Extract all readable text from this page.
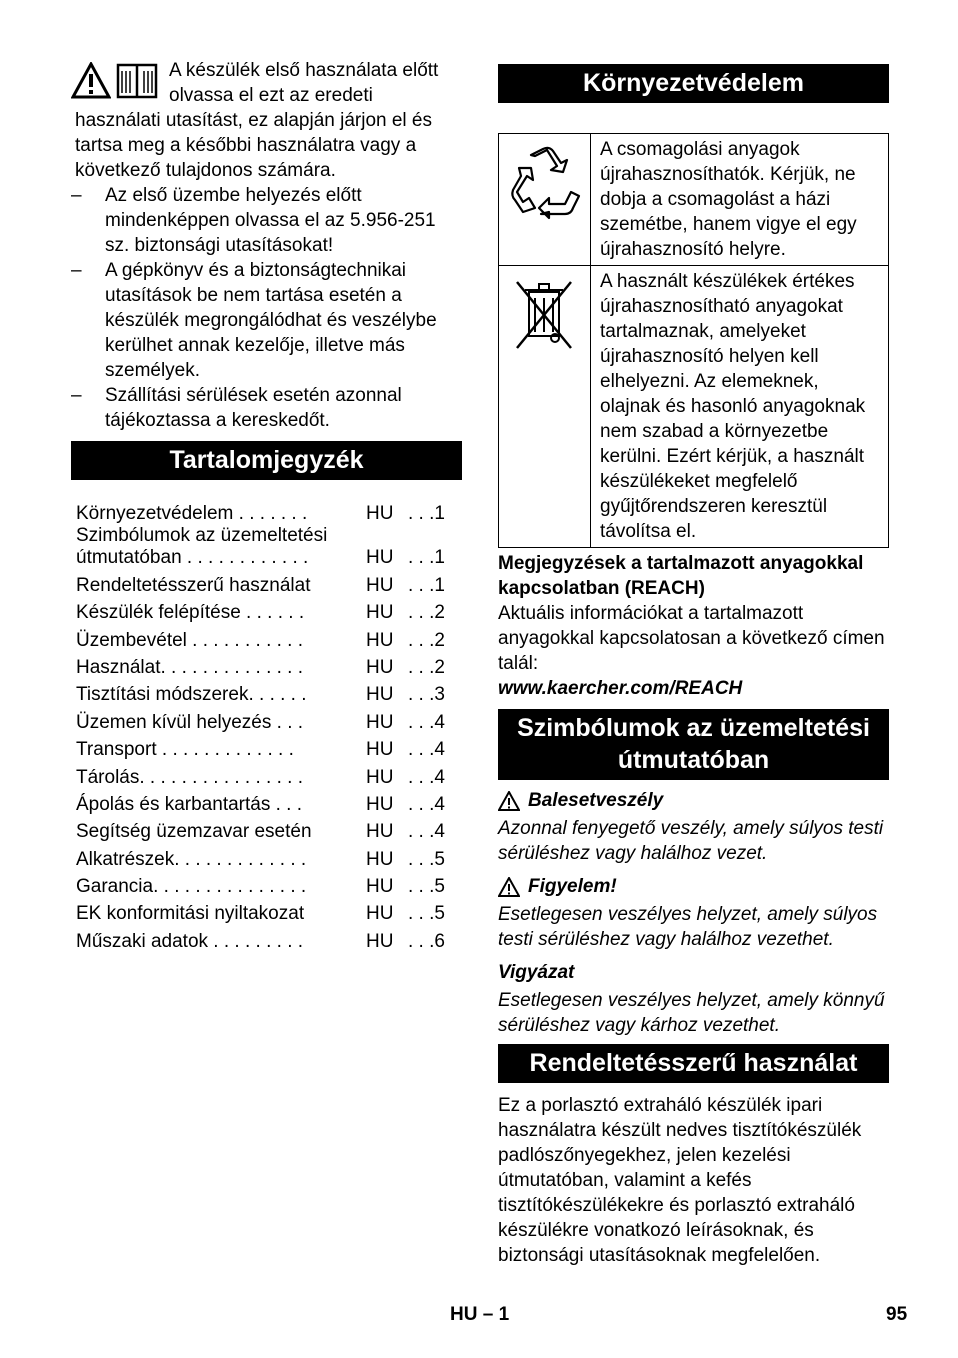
A készülék első használata előtt olvassa el ezt az eredeti használati utasítást, ez alapján járjon el és tartsa meg a későbbi használatra vagy a következő tulajdonos számára.

– Az első üzembe helyezés előtt mindenképpen olvassa el az 5.956-251 sz. biztonsági utasításokat!
– A gépkönyv és a biztonságtechnikai utasítások be nem tartása esetén a készülék megrongálódhat és veszélybe kerülhet annak kezelője, illetve más személyek.
– Szállítási sérülések esetén azonnal tájékoztassa a kereskedőt.
Tartalomjegyzék
Környezetvédelem . . . . . . .	HU	. . .1
Szimbólumok az üzemeltetési útmutatóban . . . . . . . . . . . .	HU	. . .1
Rendeltetésszerű használat	HU	. . .1
Készülék felépítése . . . . . .	HU	. . .2
Üzembevétel . . . . . . . . . . .	HU	. . .2
Használat. . . . . . . . . . . . . .	HU	. . .2
Tisztítási módszerek. . . . . .	HU	. . .3
Üzemen kívül helyezés . . .	HU	. . .4
Transport . . . . . . . . . . . . .	HU	. . .4
Tárolás. . . . . . . . . . . . . . . .	HU	. . .4
Ápolás és karbantartás . . .	HU	. . .4
Segítség üzemzavar esetén	HU	. . .4
Alkatrészek. . . . . . . . . . . . .	HU	. . .5
Garancia. . . . . . . . . . . . . . .	HU	. . .5
EK konformitási nyiltakozat	HU	. . .5
Műszaki adatok . . . . . . . . .	HU	. . .6
Környezetvédelem
	A csomagolási anyagok újrahasznosíthatók. Kérjük, ne dobja a csomagolást a házi szemétbe, hanem vigye el egy újrahasznosító helyre.
	A használt készülékek értékes újrahasznosítható anyagokat tartalmaznak, amelyeket újrahasznosító helyen kell elhelyezni. Az elemeknek, olajnak és hasonló anyagoknak nem szabad a környezetbe kerülni. Ezért kérjük, a használt készülékeket megfelelő gyűjtőrendszeren keresztül távolítsa el.

Megjegyzések a tartalmazott anyagokkal kapcsolatban (REACH)

Aktuális információkat a tartalmazott anyagokkal kapcsolatosan a következő címen talál:

www.kaercher.com/REACH

Szimbólumok az üzemeltetési
útmutatóban
Balesetveszély

Azonnal fenyegető veszély, amely súlyos testi sérüléshez vagy halálhoz vezet.

Figyelem!

Esetlegesen veszélyes helyzet, amely súlyos testi sérüléshez vagy halálhoz vezethet.

Vigyázat

Esetlegesen veszélyes helyzet, amely könnyű sérüléshez vagy kárhoz vezethet.

Rendeltetésszerű használat

Ez a porlasztó extraháló készülék ipari használatra készült nedves tisztítókészülék padlószőnyegekhez, jelen kezelési útmutatóban, valamint a kefés tisztítókészülékekre és porlasztó extraháló készülékre vonatkozó leírásoknak, és biztonsági utasításoknak megfelelően.

HU – 1	95
